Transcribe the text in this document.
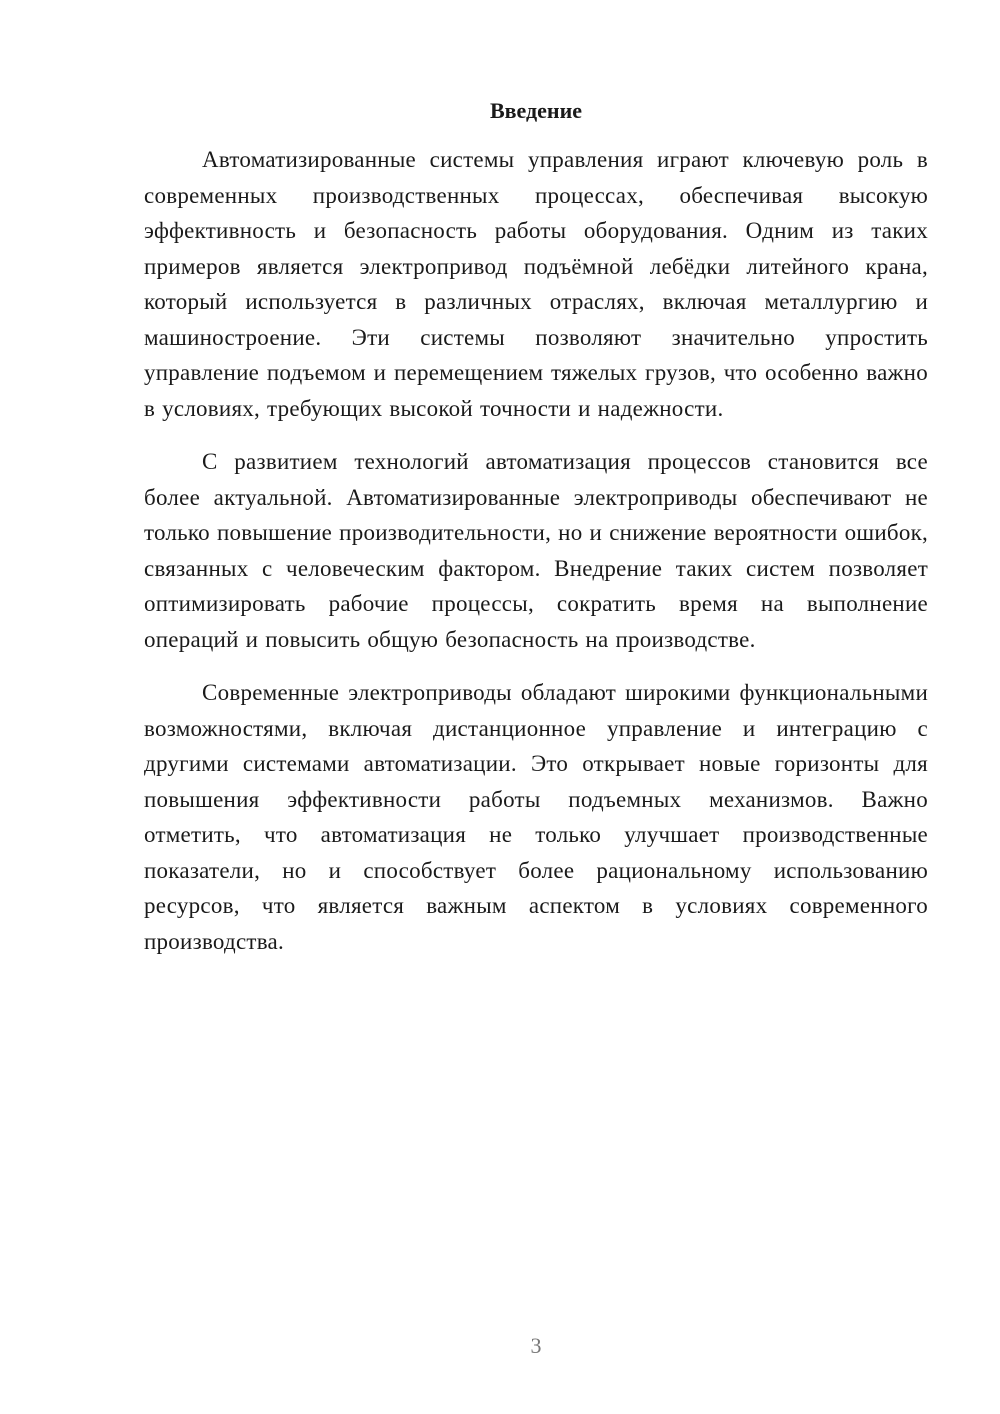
Введение

Автоматизированные системы управления играют ключевую роль в современных производственных процессах, обеспечивая высокую эффективность и безопасность работы оборудования. Одним из таких примеров является электропривод подъёмной лебёдки литейного крана, который используется в различных отраслях, включая металлургию и машиностроение. Эти системы позволяют значительно упростить управление подъемом и перемещением тяжелых грузов, что особенно важно в условиях, требующих высокой точности и надежности.

С развитием технологий автоматизация процессов становится все более актуальной. Автоматизированные электроприводы обеспечивают не только повышение производительности, но и снижение вероятности ошибок, связанных с человеческим фактором. Внедрение таких систем позволяет оптимизировать рабочие процессы, сократить время на выполнение операций и повысить общую безопасность на производстве.

Современные электроприводы обладают широкими функциональными возможностями, включая дистанционное управление и интеграцию с другими системами автоматизации. Это открывает новые горизонты для повышения эффективности работы подъемных механизмов. Важно отметить, что автоматизация не только улучшает производственные показатели, но и способствует более рациональному использованию ресурсов, что является важным аспектом в условиях современного производства.

3
